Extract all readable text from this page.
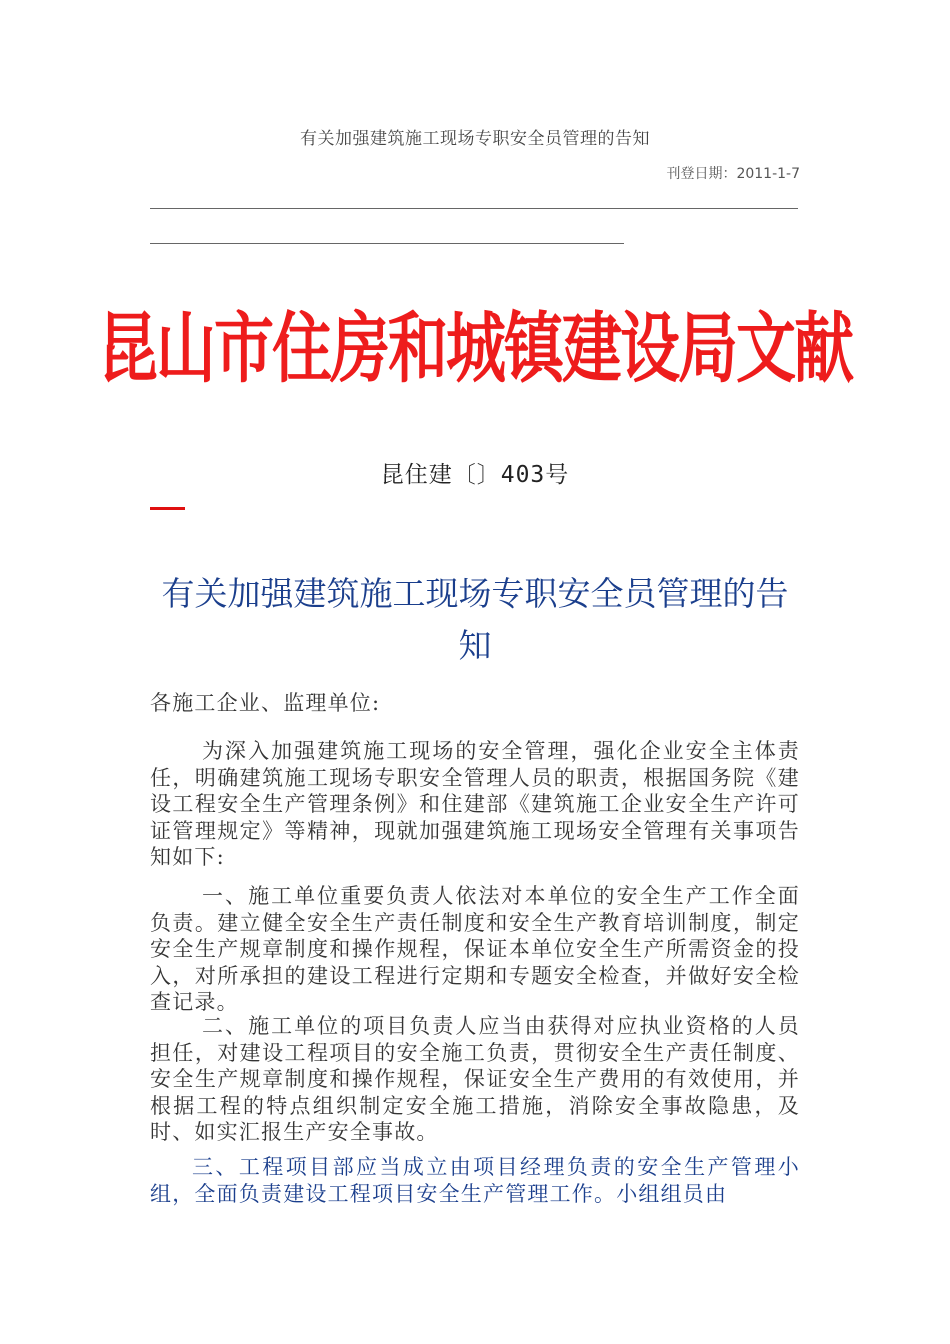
有关加强建筑施工现场专职安全员管理的告知
刊登日期：2011-1-7
昆山市住房和城镇建设局文献
昆住建〔〕403号
有关加强建筑施工现场专职安全员管理的告知
各施工企业、监理单位:
为深入加强建筑施工现场的安全管理，强化企业安全主体责任，明确建筑施工现场专职安全管理人员的职责，根据国务院《建设工程安全生产管理条例》和住建部《建筑施工企业安全生产许可证管理规定》等精神，现就加强建筑施工现场安全管理有关事项告知如下:
一、施工单位重要负责人依法对本单位的安全生产工作全面负责。建立健全安全生产责任制度和安全生产教育培训制度，制定安全生产规章制度和操作规程，保证本单位安全生产所需资金的投入，对所承担的建设工程进行定期和专题安全检查，并做好安全检查记录。
二、施工单位的项目负责人应当由获得对应执业资格的人员担任，对建设工程项目的安全施工负责，贯彻安全生产责任制度、安全生产规章制度和操作规程，保证安全生产费用的有效使用，并根据工程的特点组织制定安全施工措施，消除安全事故隐患，及时、如实汇报生产安全事故。
三、工程项目部应当成立由项目经理负责的安全生产管理小组，全面负责建设工程项目安全生产管理工作。小组组员由
